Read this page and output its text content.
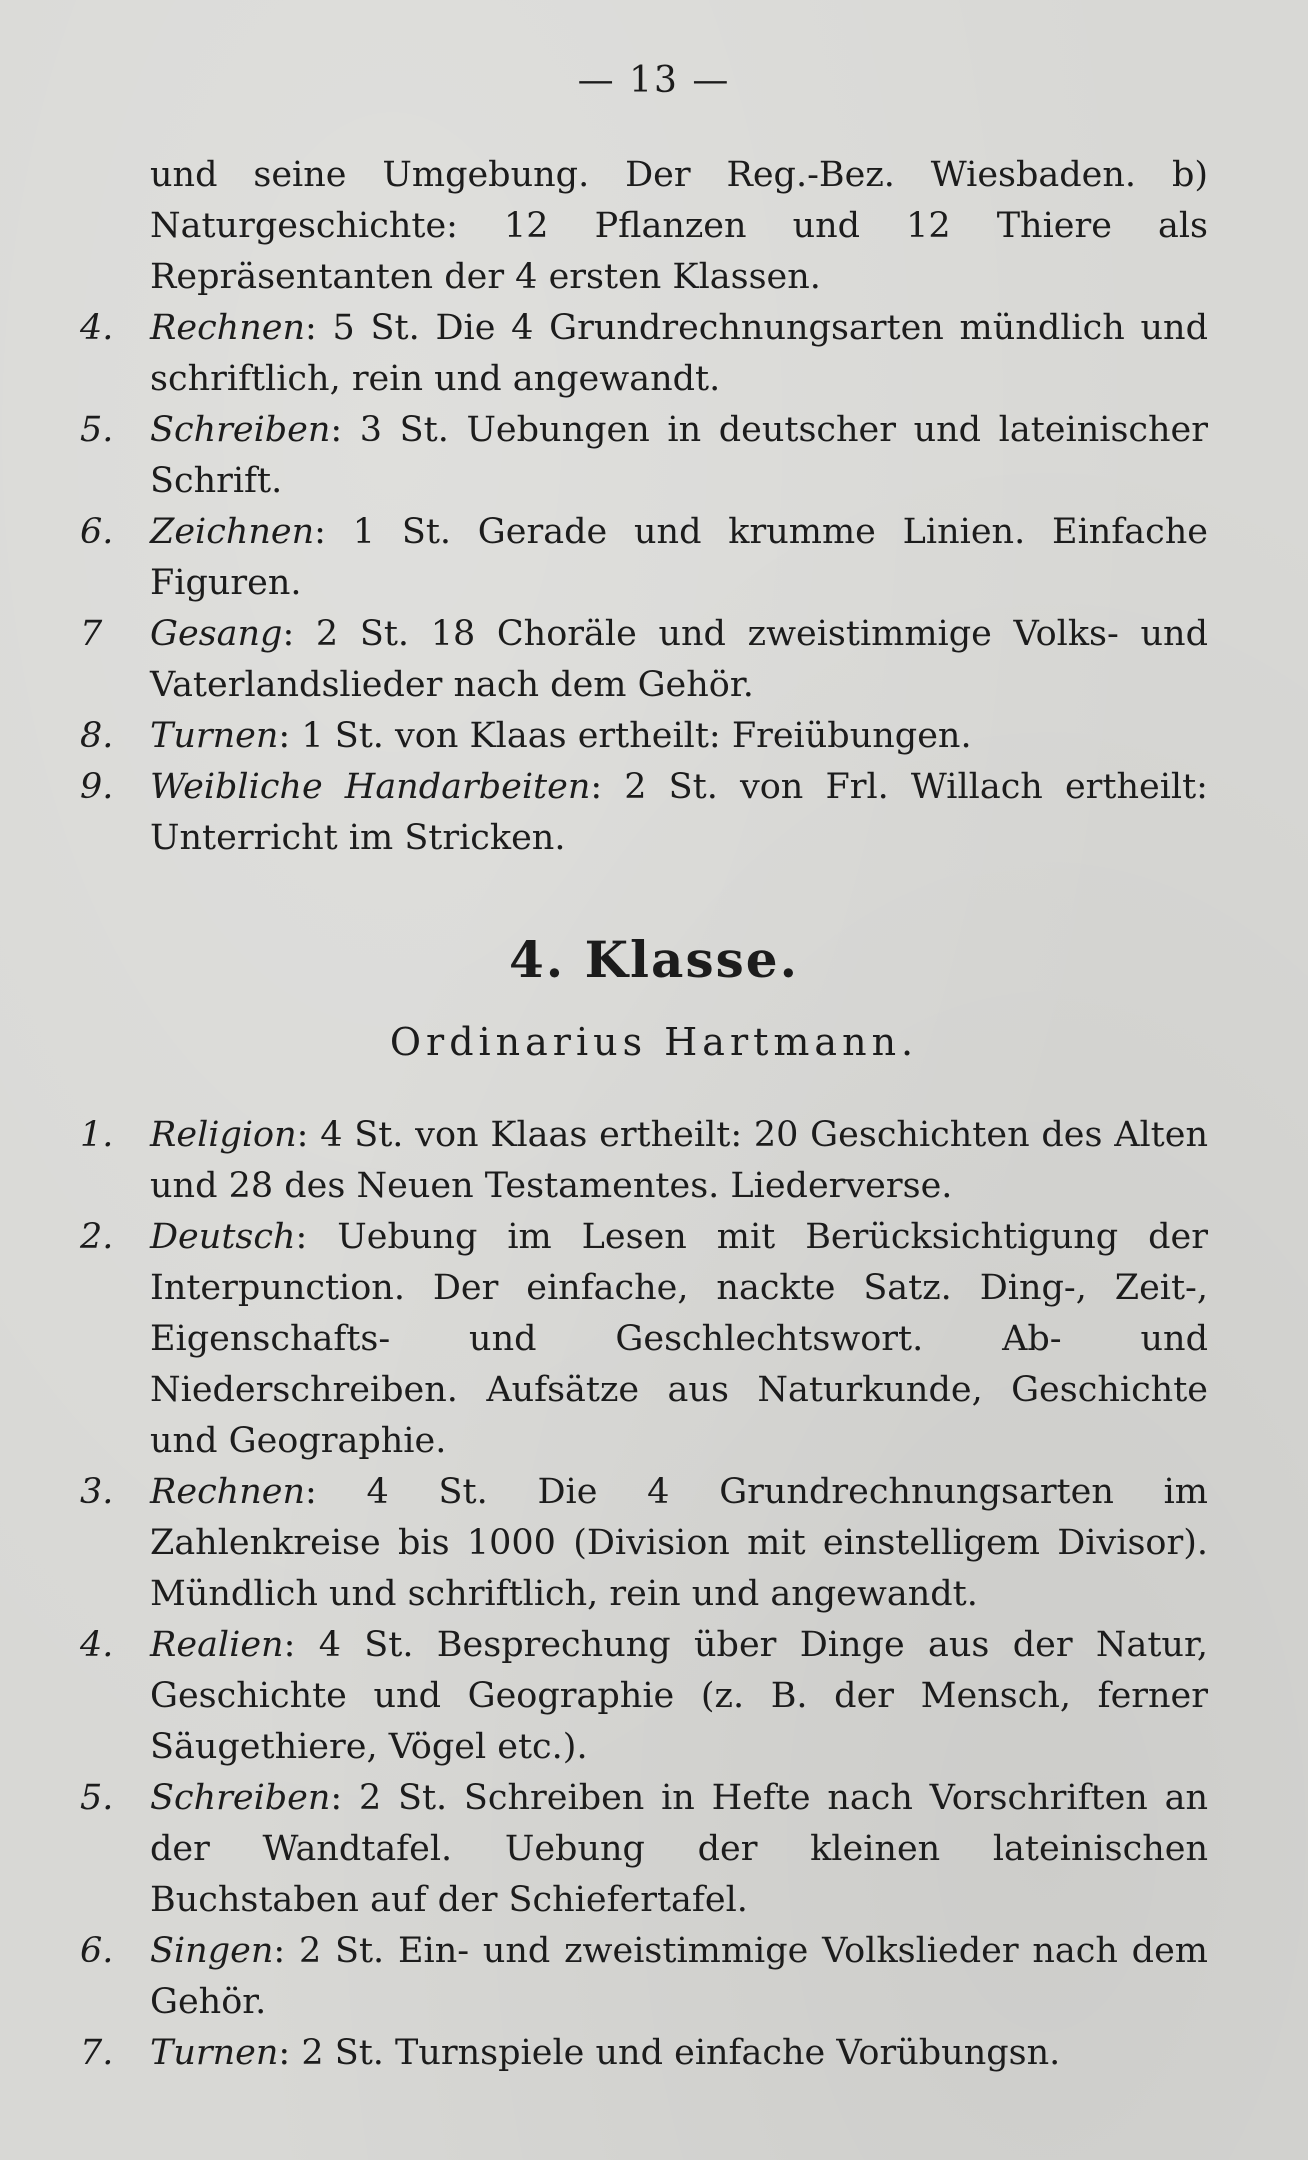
— 13 —
und seine Umgebung. Der Reg.-Bez. Wiesbaden. b) Naturgeschichte: 12 Pflanzen und 12 Thiere als Repräsentanten der 4 ersten Klassen.
4. Rechnen: 5 St. Die 4 Grundrechnungsarten mündlich und schriftlich, rein und angewandt.
5. Schreiben: 3 St. Uebungen in deutscher und lateinischer Schrift.
6. Zeichnen: 1 St. Gerade und krumme Linien. Einfache Figuren.
7 Gesang: 2 St. 18 Choräle und zweistimmige Volks- und Vaterlandslieder nach dem Gehör.
8. Turnen: 1 St. von Klaas ertheilt: Freiübungen.
9. Weibliche Handarbeiten: 2 St. von Frl. Willach ertheilt: Unterricht im Stricken.
4. Klasse.
Ordinarius Hartmann.
1. Religion: 4 St. von Klaas ertheilt: 20 Geschichten des Alten und 28 des Neuen Testamentes. Liederverse.
2. Deutsch: Uebung im Lesen mit Berücksichtigung der Interpunction. Der einfache, nackte Satz. Ding-, Zeit-, Eigenschafts- und Geschlechtswort. Ab- und Niederschreiben. Aufsätze aus Naturkunde, Geschichte und Geographie.
3. Rechnen: 4 St. Die 4 Grundrechnungsarten im Zahlenkreise bis 1000 (Division mit einstelligem Divisor). Mündlich und schriftlich, rein und angewandt.
4. Realien: 4 St. Besprechung über Dinge aus der Natur, Geschichte und Geographie (z. B. der Mensch, ferner Säugethiere, Vögel etc.).
5. Schreiben: 2 St. Schreiben in Hefte nach Vorschriften an der Wandtafel. Uebung der kleinen lateinischen Buchstaben auf der Schiefertafel.
6. Singen: 2 St. Ein- und zweistimmige Volkslieder nach dem Gehör.
7. Turnen: 2 St. Turnspiele und einfache Vorübungsn.
